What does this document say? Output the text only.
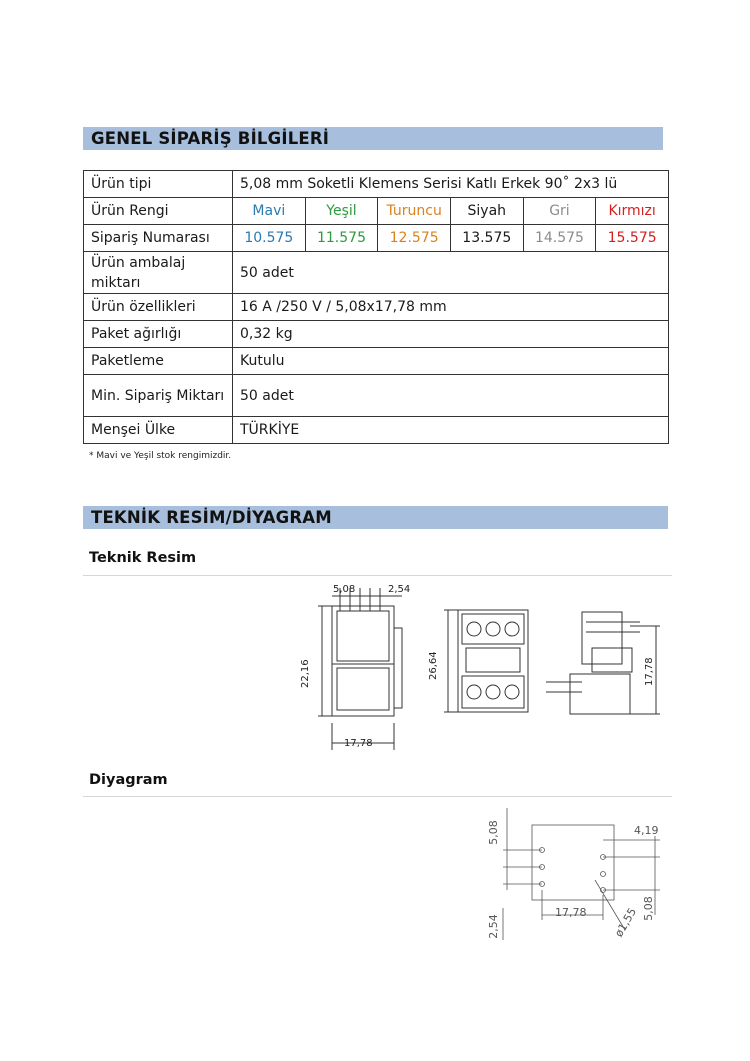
GENEL SİPARİŞ BİLGİLERİ
Ürün tipi	5,08 mm Soketli Klemens Serisi Katlı Erkek 90˚ 2x3 lü					
Ürün Rengi	Mavi	Yeşil	Turuncu	Siyah	Gri	Kırmızı
Sipariş Numarası	10.575	11.575	12.575	13.575	14.575	15.575
Ürün ambalaj miktarı	50 adet					
Ürün özellikleri	16 A /250 V / 5,08x17,78 mm					
Paket ağırlığı	0,32 kg					
Paketleme	Kutulu					
Min. Sipariş Miktarı	50 adet					
Menşei Ülke	TÜRKİYE					
* Mavi ve Yeşil stok rengimizdir.
TEKNİK RESİM/DİYAGRAM
Teknik Resim
5,08	2,54
22,16
17,78
26,64	17,78
Diyagram
5,08	4,19
2,54
17,78 ø1,55 5,08
